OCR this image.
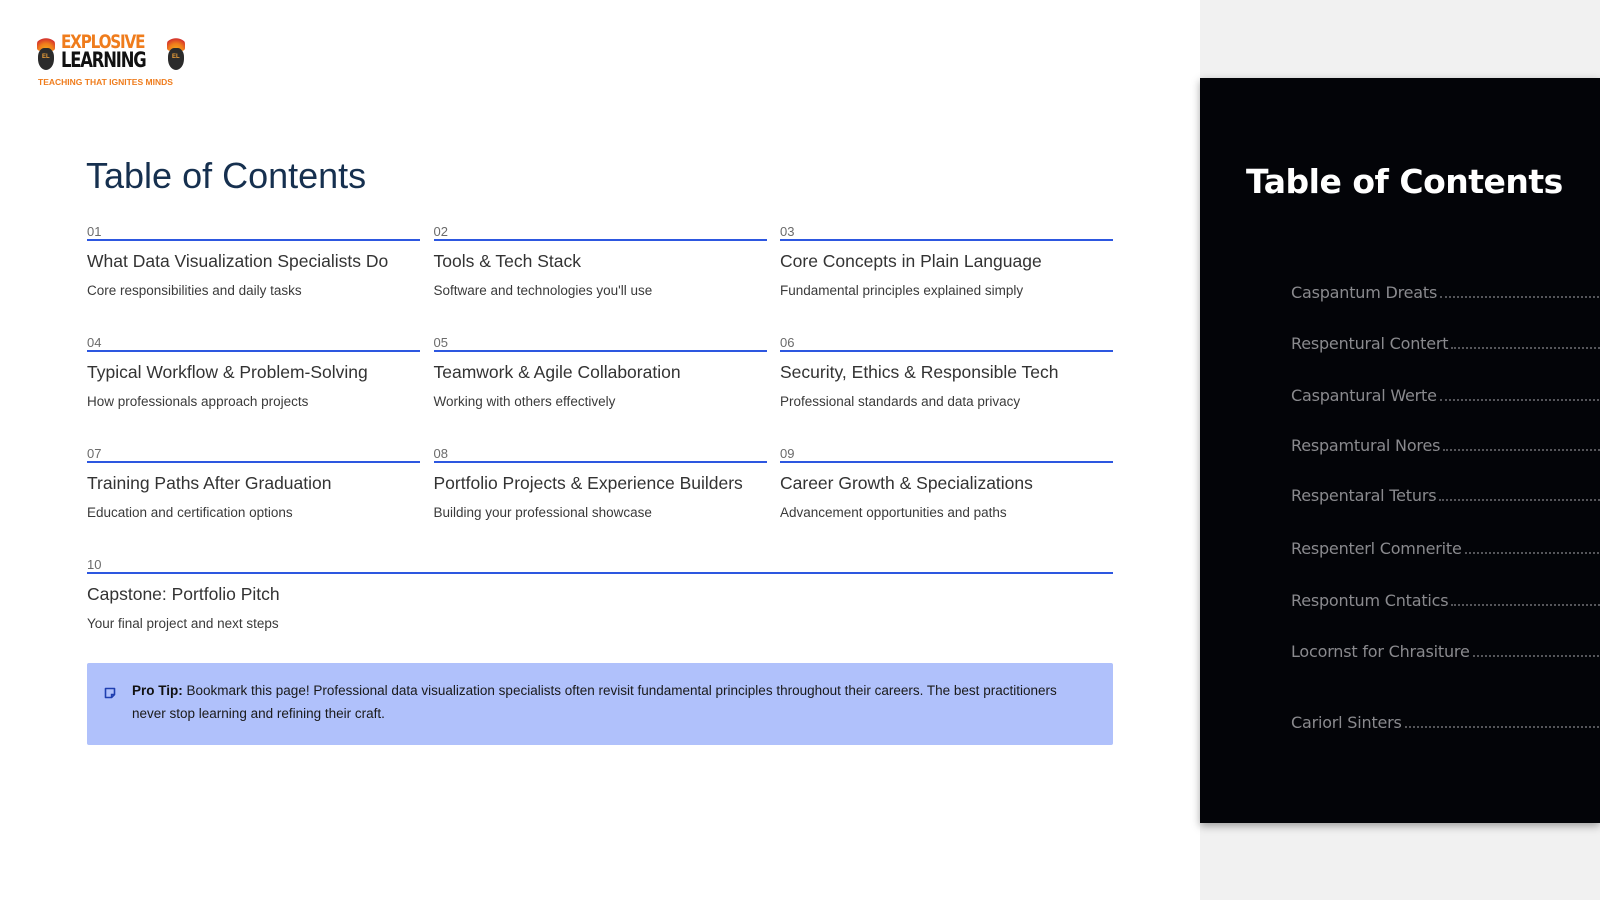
EL
EXPLOSIVE
LEARNING	EL
TEACHING THAT IGNITES MINDS
Table of Contents
01
What Data Visualization Specialists Do
Core responsibilities and daily tasks
02
Tools & Tech Stack
Software and technologies you'll use
03
Core Concepts in Plain Language
Fundamental principles explained simply
04
Typical Workflow & Problem-Solving
How professionals approach projects
05
Teamwork & Agile Collaboration
Working with others effectively
06
Security, Ethics & Responsible Tech
Professional standards and data privacy
07
Training Paths After Graduation
Education and certification options
08
Portfolio Projects & Experience Builders
Building your professional showcase
09
Career Growth & Specializations
Advancement opportunities and paths
10
Capstone: Portfolio Pitch
Your final project and next steps

Pro Tip: Bookmark this page! Professional data visualization specialists often revisit fundamental principles throughout their careers. The best practitioners never stop learning and refining their craft.

Table of Contents
Caspantum Dreats
Respentural Contert
Caspantural Werte
Respamtural Nores
Respentaral Teturs
Respenterl Comnerite
Respontum Cntatics
Locornst for Chrasiture
Cariorl Sinters
